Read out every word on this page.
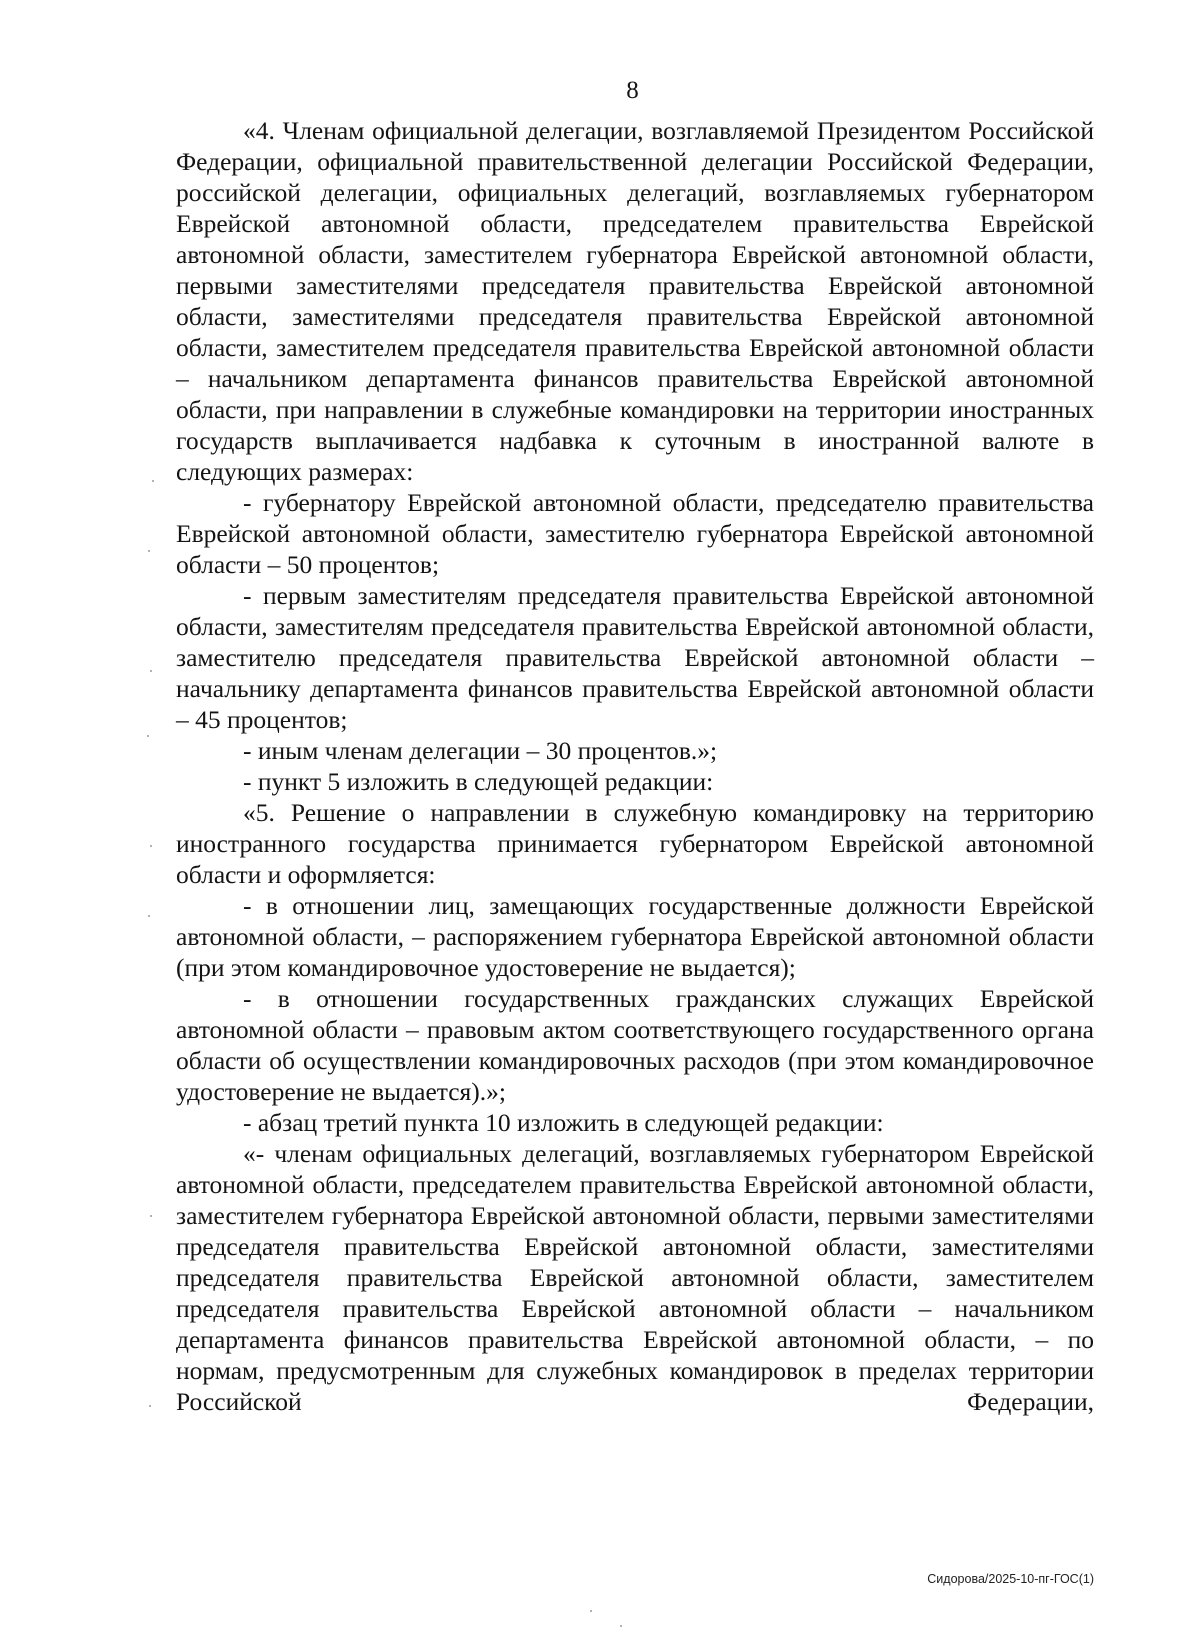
8

«4. Членам официальной делегации, возглавляемой Президентом Российской Федерации, официальной правительственной делегации Российской Федерации, российской делегации, официальных делегаций, возглавляемых губернатором Еврейской автономной области, председателем правительства Еврейской автономной области, заместителем губернатора Еврейской автономной области, первыми заместителями председателя правительства Еврейской автономной области, заместителями председателя правительства Еврейской автономной области, заместителем председателя правительства Еврейской автономной области – начальником департамента финансов правительства Еврейской автономной области, при направлении в служебные командировки на территории иностранных государств выплачивается надбавка к суточным в иностранной валюте в следующих размерах:

- губернатору Еврейской автономной области, председателю правительства Еврейской автономной области, заместителю губернатора Еврейской автономной области – 50 процентов;

- первым заместителям председателя правительства Еврейской автономной области, заместителям председателя правительства Еврейской автономной области, заместителю председателя правительства Еврейской автономной области – начальнику департамента финансов правительства Еврейской автономной области – 45 процентов;

- иным членам делегации – 30 процентов.»;

- пункт 5 изложить в следующей редакции:

«5. Решение о направлении в служебную командировку на территорию иностранного государства принимается губернатором Еврейской автономной области и оформляется:

- в отношении лиц, замещающих государственные должности Еврейской автономной области, – распоряжением губернатора Еврейской автономной области (при этом командировочное удостоверение не выдается);

- в отношении государственных гражданских служащих Еврейской автономной области – правовым актом соответствующего государственного органа области об осуществлении командировочных расходов (при этом командировочное удостоверение не выдается).»;

- абзац третий пункта 10 изложить в следующей редакции:

«- членам официальных делегаций, возглавляемых губернатором Еврейской автономной области, председателем правительства Еврейской автономной области, заместителем губернатора Еврейской автономной области, первыми заместителями председателя правительства Еврейской автономной области, заместителями председателя правительства Еврейской автономной области, заместителем председателя правительства Еврейской автономной области – начальником департамента финансов правительства Еврейской автономной области, – по нормам, предусмотренным для служебных командировок в пределах территории Российской Федерации,

Сидорова/2025-10-пг-ГОС(1)
